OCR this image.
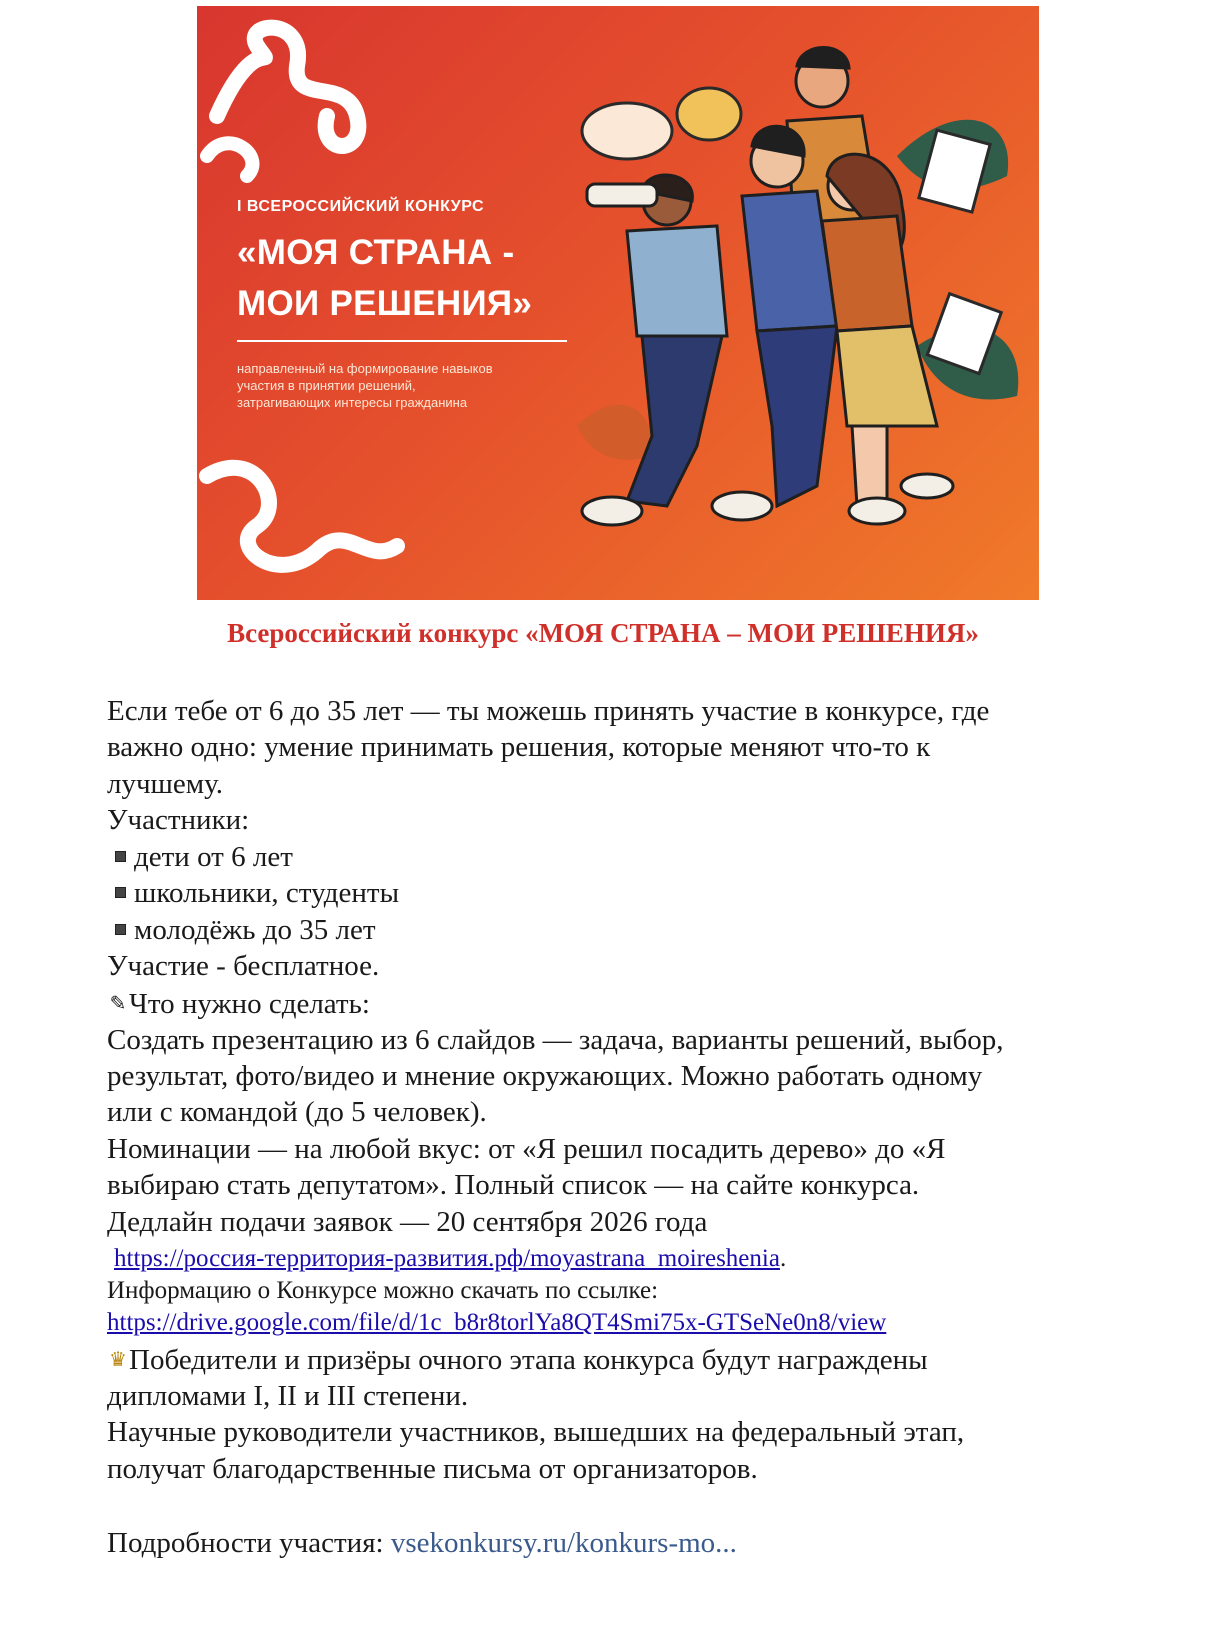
I ВСЕРОССИЙСКИЙ КОНКУРС
«МОЯ СТРАНА -
МОИ РЕШЕНИЯ»
направленный на формирование навыков
участия в принятии решений,
затрагивающих интересы гражданина
Всероссийский конкурс «МОЯ СТРАНА – МОИ РЕШЕНИЯ»
Если тебе от 6 до 35 лет — ты можешь принять участие в конкурсе, где
важно одно: умение принимать решения, которые меняют что-то к
лучшему.
Участники:
дети от 6 лет
школьники, студенты
молодёжь до 35 лет
Участие - бесплатное.
✎Что нужно сделать:
Создать презентацию из 6 слайдов — задача, варианты решений, выбор,
результат, фото/видео и мнение окружающих. Можно работать одному
или с командой (до 5 человек).
Номинации — на любой вкус: от «Я решил посадить дерево» до «Я
выбираю стать депутатом». Полный список — на сайте конкурса.
Дедлайн подачи заявок — 20 сентября 2026 года
https://россия-территория-развития.рф/moyastrana_moireshenia.
Информацию о Конкурсе можно скачать по ссылке:
https://drive.google.com/file/d/1c_b8r8torlYa8QT4Smi75x-GTSeNe0n8/view
♛Победители и призёры очного этапа конкурса будут награждены
дипломами I, II и III степени.
Научные руководители участников, вышедших на федеральный этап,
получат благодарственные письма от организаторов.
Подробности участия: vsekonkursy.ru/konkurs-mo...
